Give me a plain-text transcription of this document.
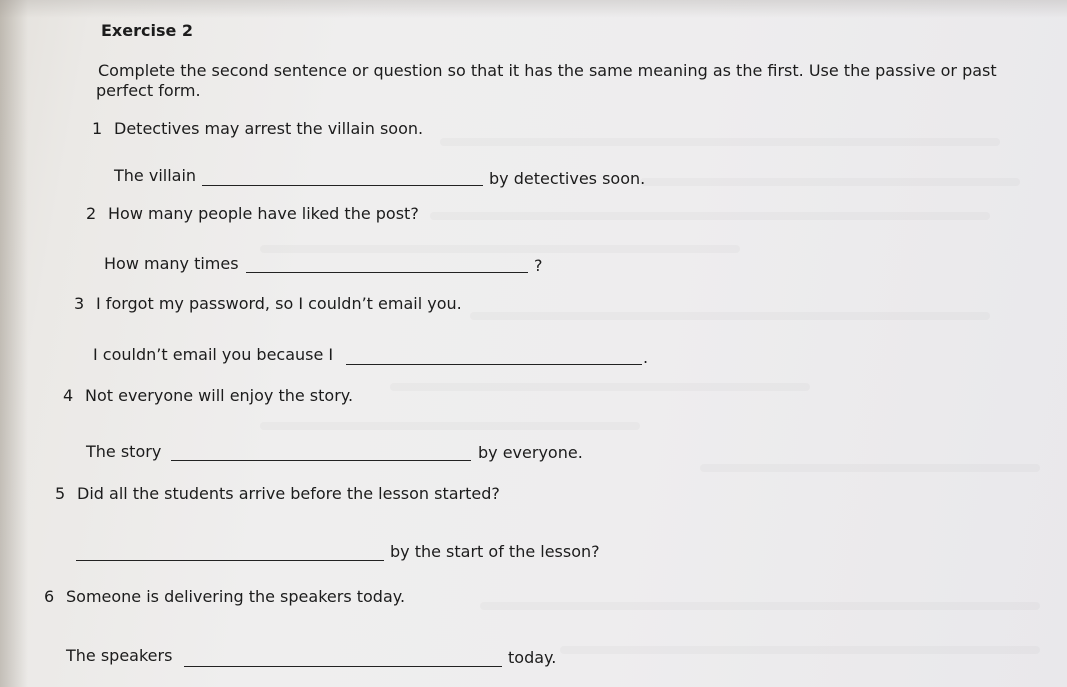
Exercise 2
Complete the second sentence or question so that it has the same meaning as the first. Use the passive or past
perfect form.
1 Detectives may arrest the villain soon.
The villain	by detectives soon.
2 How many people have liked the post?
How many times	?
3 I forgot my password, so I couldn’t email you.
I couldn’t email you because I	.
4 Not everyone will enjoy the story.
The story	by everyone.
5 Did all the students arrive before the lesson started?
by the start of the lesson?
6 Someone is delivering the speakers today.
The speakers	today.
